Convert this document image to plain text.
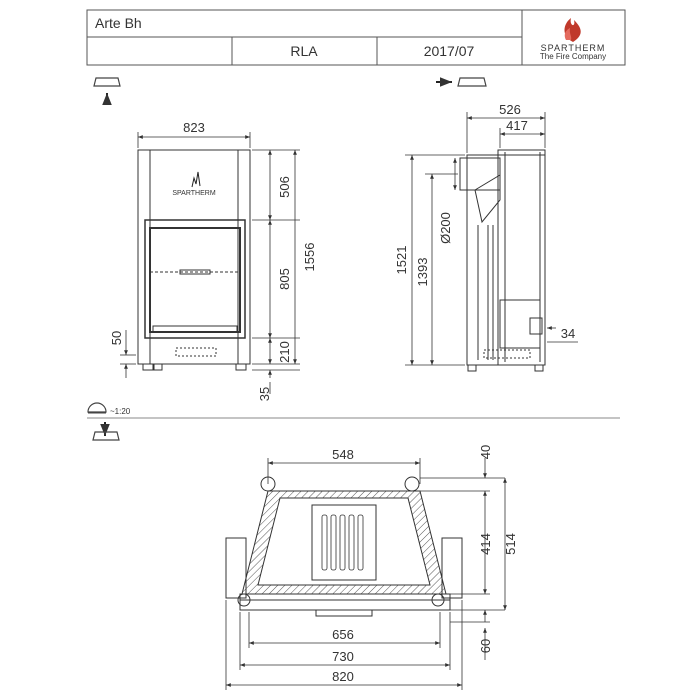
Arte Bh
RLA	2017/07	SPARTHERM
The Fire Company
~1:20
SPARTHERM
823
506
1556
805
210
35
50
526
417
1521 1393
Ø200
34
548	40
414 514
60
656
730
820
